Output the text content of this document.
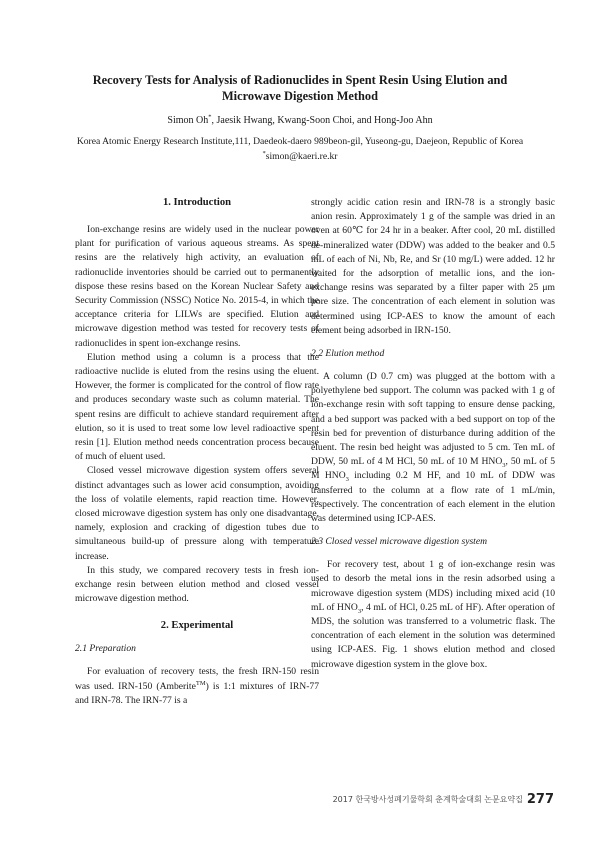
Recovery Tests for Analysis of Radionuclides in Spent Resin Using Elution and
Microwave Digestion Method
Simon Oh*, Jaesik Hwang, Kwang-Soon Choi, and Hong-Joo Ahn
Korea Atomic Energy Research Institute,111, Daedeok-daero 989beon-gil, Yuseong-gu, Daejeon, Republic of Korea
*simon@kaeri.re.kr
1. Introduction

Ion-exchange resins are widely used in the nuclear power plant for purification of various aqueous streams. As spent resins are the relatively high activity, an evaluation of radionuclide inventories should be carried out to permanently dispose these resins based on the Korean Nuclear Safety and Security Commission (NSSC) Notice No. 2015-4, in which the acceptance criteria for LILWs are specified. Elution and microwave digestion method was tested for recovery tests of radionuclides in spent ion-exchange resins.

Elution method using a column is a process that the radioactive nuclide is eluted from the resins using the eluent. However, the former is complicated for the control of flow rate and produces secondary waste such as column material. The spent resins are difficult to achieve standard requirement after elution, so it is used to treat some low level radioactive spent resin [1]. Elution method needs concentration process because of much of eluent used.

Closed vessel microwave digestion system offers several distinct advantages such as lower acid consumption, avoiding the loss of volatile elements, rapid reaction time. However, closed microwave digestion system has only one disadvantage, namely, explosion and cracking of digestion tubes due to simultaneous build-up of pressure along with temperature increase.

In this study, we compared recovery tests in fresh ion-exchange resin between elution method and closed vessel microwave digestion method.

2. Experimental
2.1 Preparation

For evaluation of recovery tests, the fresh IRN-150 resin was used. IRN-150 (Amberite™) is 1:1 mixtures of IRN-77 and IRN-78. The IRN-77 is a

strongly acidic cation resin and IRN-78 is a strongly basic anion resin. Approximately 1 g of the sample was dried in an oven at 60℃ for 24 hr in a beaker. After cool, 20 mL distilled de-mineralized water (DDW) was added to the beaker and 0.5 mL of each of Ni, Nb, Re, and Sr (10 mg/L) were added. 12 hr waited for the adsorption of metallic ions, and the ion-exchange resins was separated by a filter paper with 25 μm pore size. The concentration of each element in solution was determined using ICP-AES to know the amount of each element being adsorbed in IRN-150.

2.2 Elution method

A column (D 0.7 cm) was plugged at the bottom with a polyethylene bed support. The column was packed with 1 g of ion-exchange resin with soft tapping to ensure dense packing, and a bed support was packed with a bed support on top of the resin bed for prevention of disturbance during addition of the eluent. The resin bed height was adjusted to 5 cm. Ten mL of DDW, 50 mL of 4 M HCl, 50 mL of 10 M $HNO_3$, 50 mL of 5 M $HNO_3$ including 0.2 M HF, and 10 mL of DDW was transferred to the column at a flow rate of 1 mL/min, respectively. The concentration of each element in the elution was determined using ICP-AES.

2.3 Closed vessel microwave digestion system

For recovery test, about 1 g of ion-exchange resin was used to desorb the metal ions in the resin adsorbed using a microwave digestion system (MDS) including mixed acid (10 mL of $HNO_3$, 4 mL of HCl, 0.25 mL of HF). After operation of MDS, the solution was transferred to a volumetric flask. The concentration of each element in the solution was determined using ICP-AES. Fig. 1 shows elution method and closed microwave digestion system in the glove box.

2017 한국방사성폐기물학회 춘계학술대회 논문요약집 277
